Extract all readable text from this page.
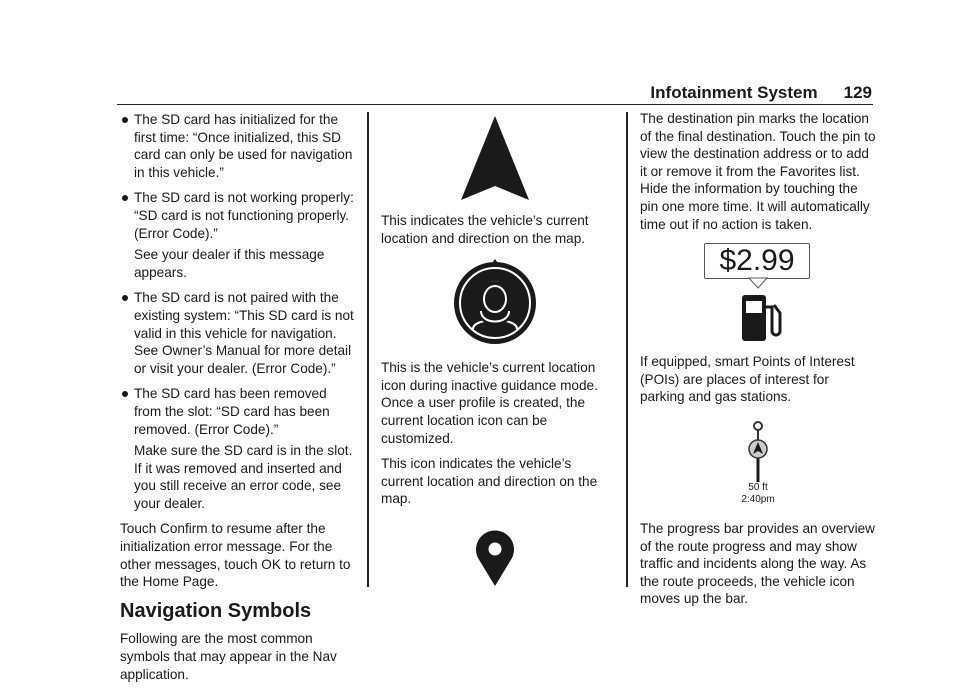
Infotainment System 129
The SD card has initialized for the first time: “Once initialized, this SD card can only be used for navigation in this vehicle.”
The SD card is not working properly: “SD card is not functioning properly. (Error Code).”
See your dealer if this message appears.
The SD card is not paired with the existing system: “This SD card is not valid in this vehicle for navigation. See Owner’s Manual for more detail or visit your dealer. (Error Code).”
The SD card has been removed from the slot: “SD card has been removed. (Error Code).”
Make sure the SD card is in the slot. If it was removed and inserted and you still receive an error code, see your dealer.

Touch Confirm to resume after the initialization error message. For the other messages, touch OK to return to the Home Page.

Navigation Symbols

Following are the most common symbols that may appear in the Nav application.

This indicates the vehicle’s current location and direction on the map.

This is the vehicle’s current location icon during inactive guidance mode. Once a user profile is created, the current location icon can be customized.

This icon indicates the vehicle’s current location and direction on the map.

The destination pin marks the location of the final destination. Touch the pin to view the destination address or to add it or remove it from the Favorites list. Hide the information by touching the pin one more time. It will automatically time out if no action is taken.

$2.99

If equipped, smart Points of Interest (POIs) are places of interest for parking and gas stations.

50 ft
2:40pm

The progress bar provides an overview of the route progress and may show traffic and incidents along the way. As the route proceeds, the vehicle icon moves up the bar.
